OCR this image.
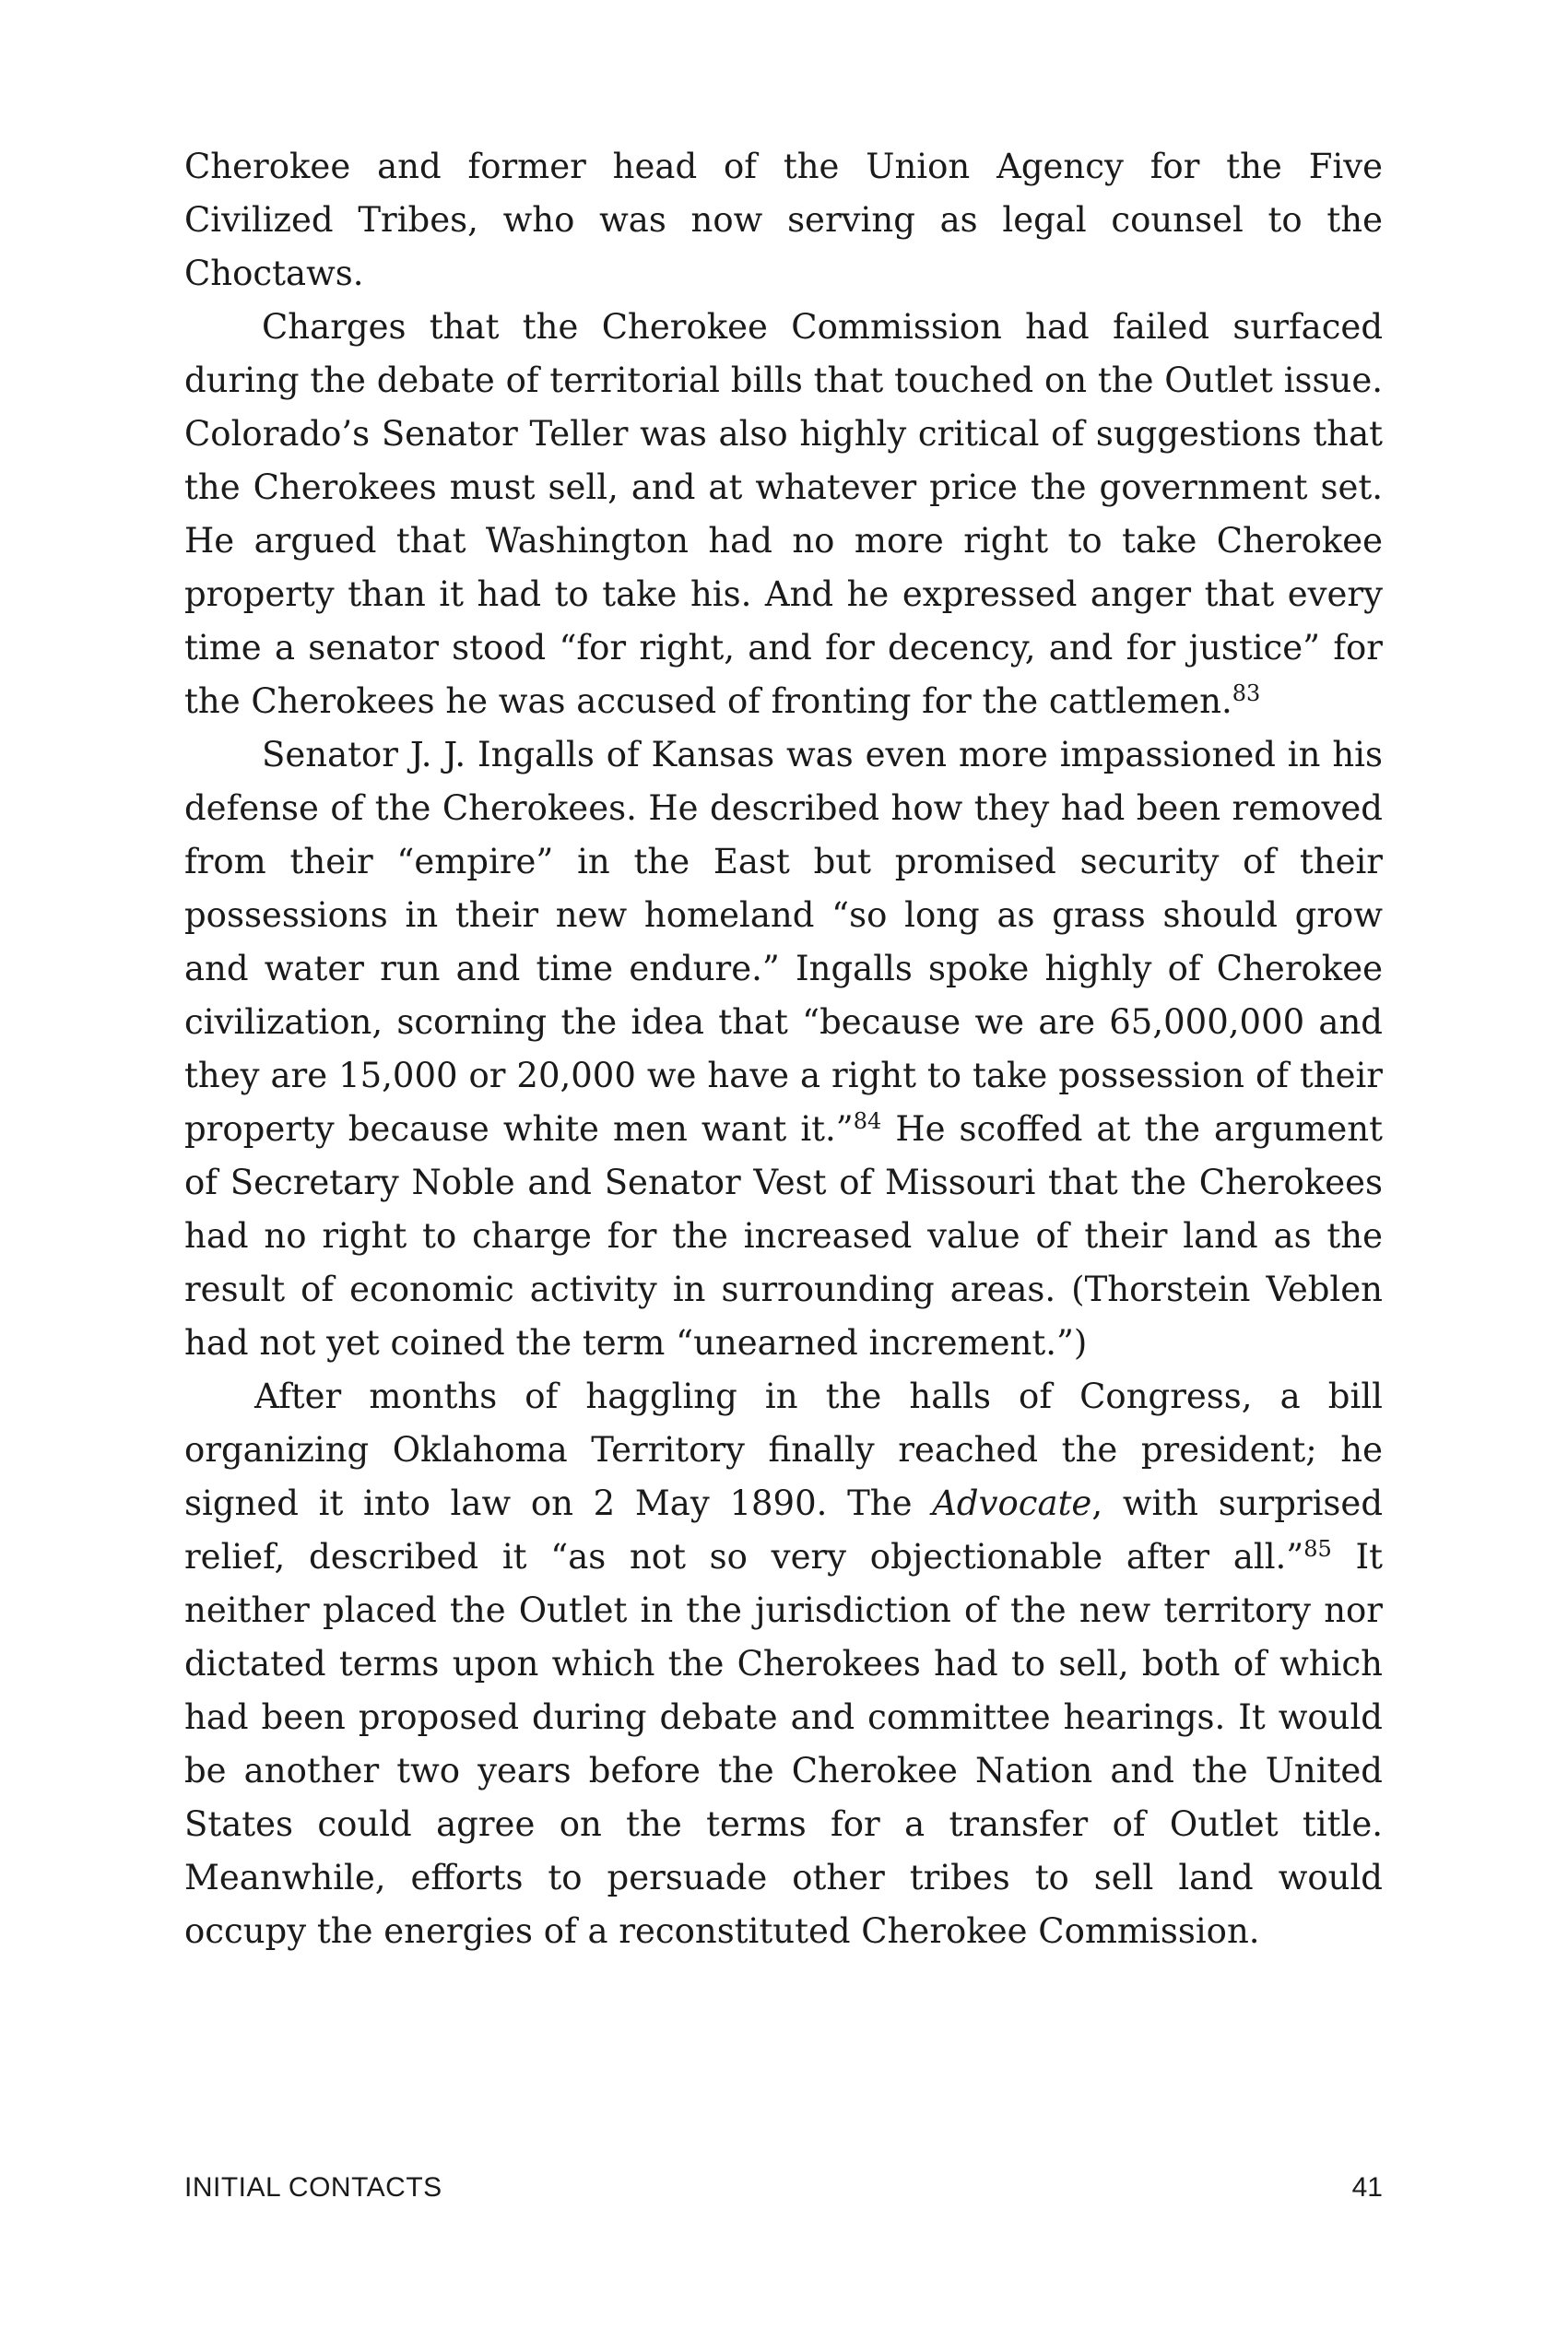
Cherokee and former head of the Union Agency for the Five Civilized Tribes, who was now serving as legal counsel to the Choctaws.

Charges that the Cherokee Commission had failed surfaced during the debate of territorial bills that touched on the Outlet issue. Colorado’s Senator Teller was also highly critical of suggestions that the Cherokees must sell, and at whatever price the government set. He argued that Washington had no more right to take Cherokee property than it had to take his. And he expressed anger that every time a senator stood “for right, and for decency, and for justice” for the Cherokees he was accused of fronting for the cattlemen.$^{83}$

Senator J. J. Ingalls of Kansas was even more impassioned in his defense of the Cherokees. He described how they had been removed from their “empire” in the East but promised security of their possessions in their new homeland “so long as grass should grow and water run and time endure.” Ingalls spoke highly of Cherokee civilization, scorning the idea that “because we are 65,000,000 and they are 15,000 or 20,000 we have a right to take possession of their property because white men want it.”$^{84}$ He scoffed at the argument of Secretary Noble and Senator Vest of Missouri that the Cherokees had no right to charge for the increased value of their land as the result of economic activity in surrounding areas. (Thorstein Veblen had not yet coined the term “unearned increment.”)

After months of haggling in the halls of Congress, a bill organizing Oklahoma Territory finally reached the president; he signed it into law on 2 May 1890. The Advocate, with surprised relief, described it “as not so very objectionable after all.”$^{85}$ It neither placed the Outlet in the jurisdiction of the new territory nor dictated terms upon which the Cherokees had to sell, both of which had been proposed during debate and committee hearings. It would be another two years before the Cherokee Nation and the United States could agree on the terms for a transfer of Outlet title. Meanwhile, efforts to persuade other tribes to sell land would occupy the energies of a reconstituted Cherokee Commission.

INITIAL CONTACTS	41
